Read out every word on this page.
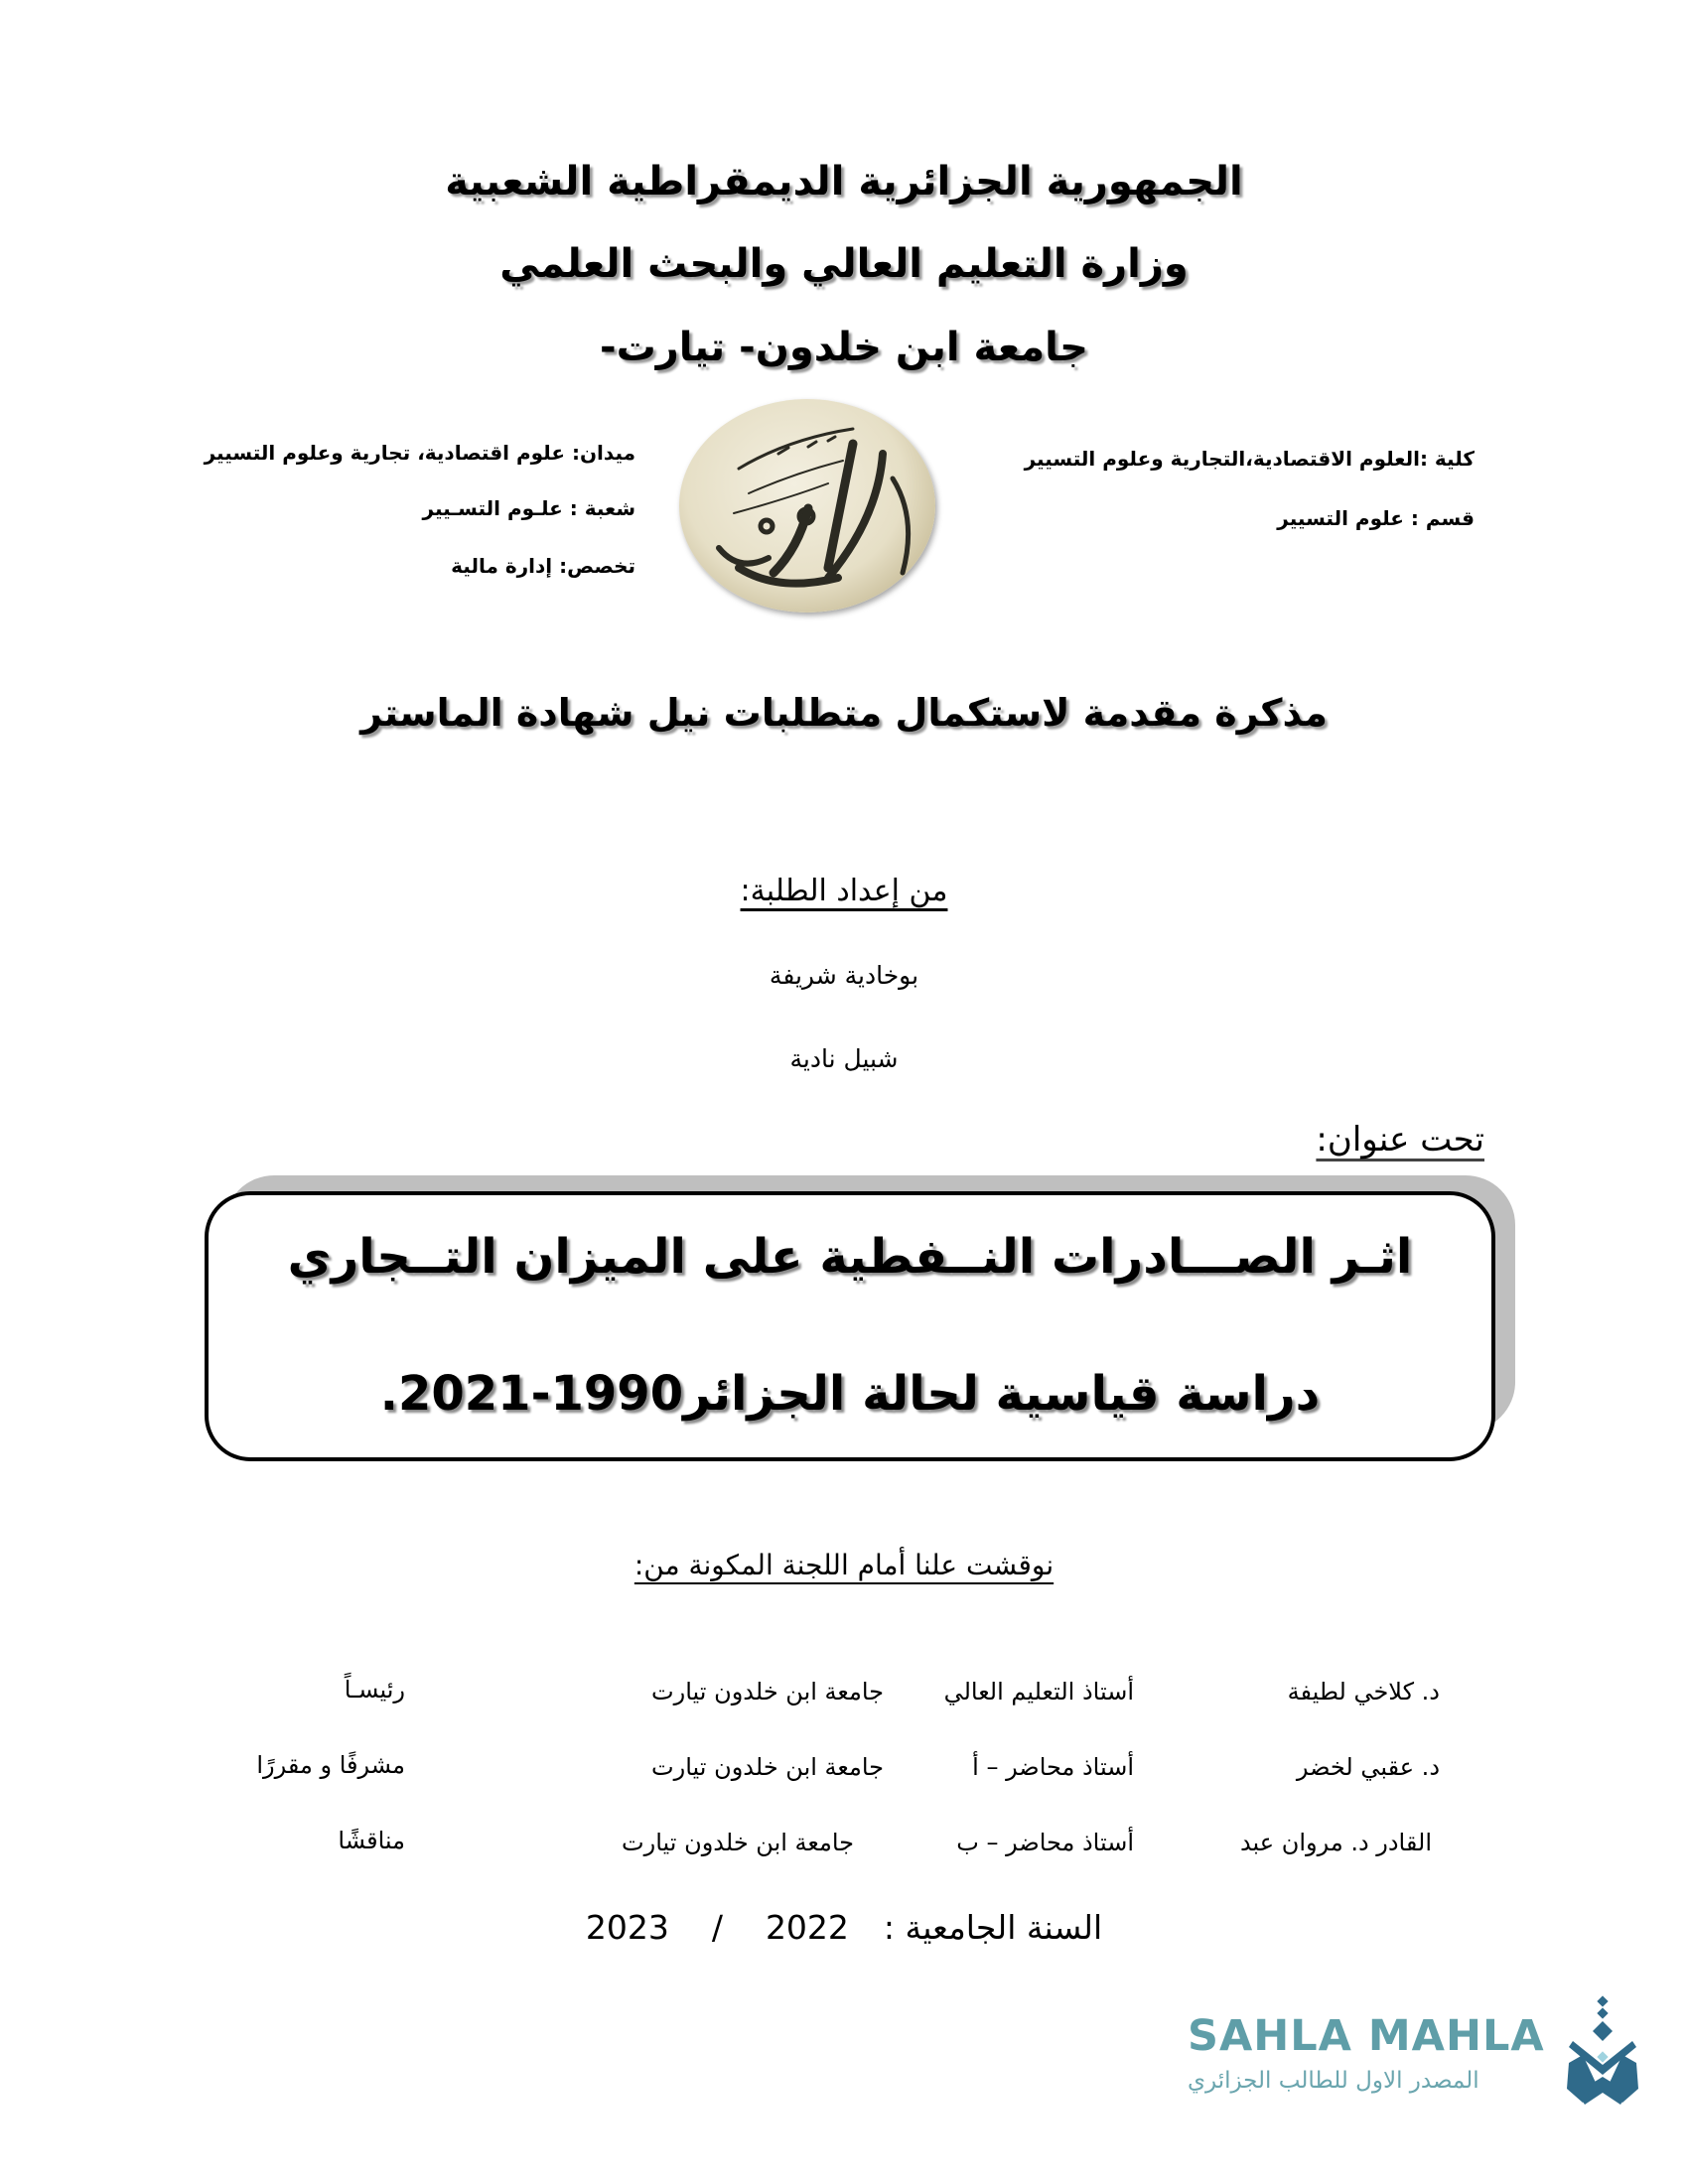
الجمهورية الجزائرية الديمقراطية الشعبية
وزارة التعليم العالي والبحث العلمي
جامعة ابن خلدون- تيارت-
كلية :العلوم الاقتصادية،التجارية وعلوم التسيير
قسم : علوم التسيير
ميدان: علوم اقتصادية، تجارية وعلوم التسيير
شعبة : علـوم التسـيير
تخصص: إدارة مالية
مذكرة مقدمة لاستكمال متطلبات نيل شهادة الماستر
من إعداد الطلبة:
بوخادية شريفة
شبيل نادية
تحت عنوان:
اثـر الصـــادرات النــفطية على الميزان التــجاري
دراسة قياسية لحالة الجزائر1990-2021.
نوقشت علنا أمام اللجنة المكونة من:
د. كلاخي لطيفة
أستاذ التعليم العالي
جامعة ابن خلدون تيارت
رئيسـاً
د. عقبي لخضر
أستاذ محاضر – أ
جامعة ابن خلدون تيارت
مشرفًا و مقررًا
القادر د. مروان عبد
أستاذ محاضر – ب
جامعة ابن خلدون تيارت
مناقشًا
السنة الجامعية :  2022  /  2023
SAHLA MAHLA
المصدر الاول للطالب الجزائري
